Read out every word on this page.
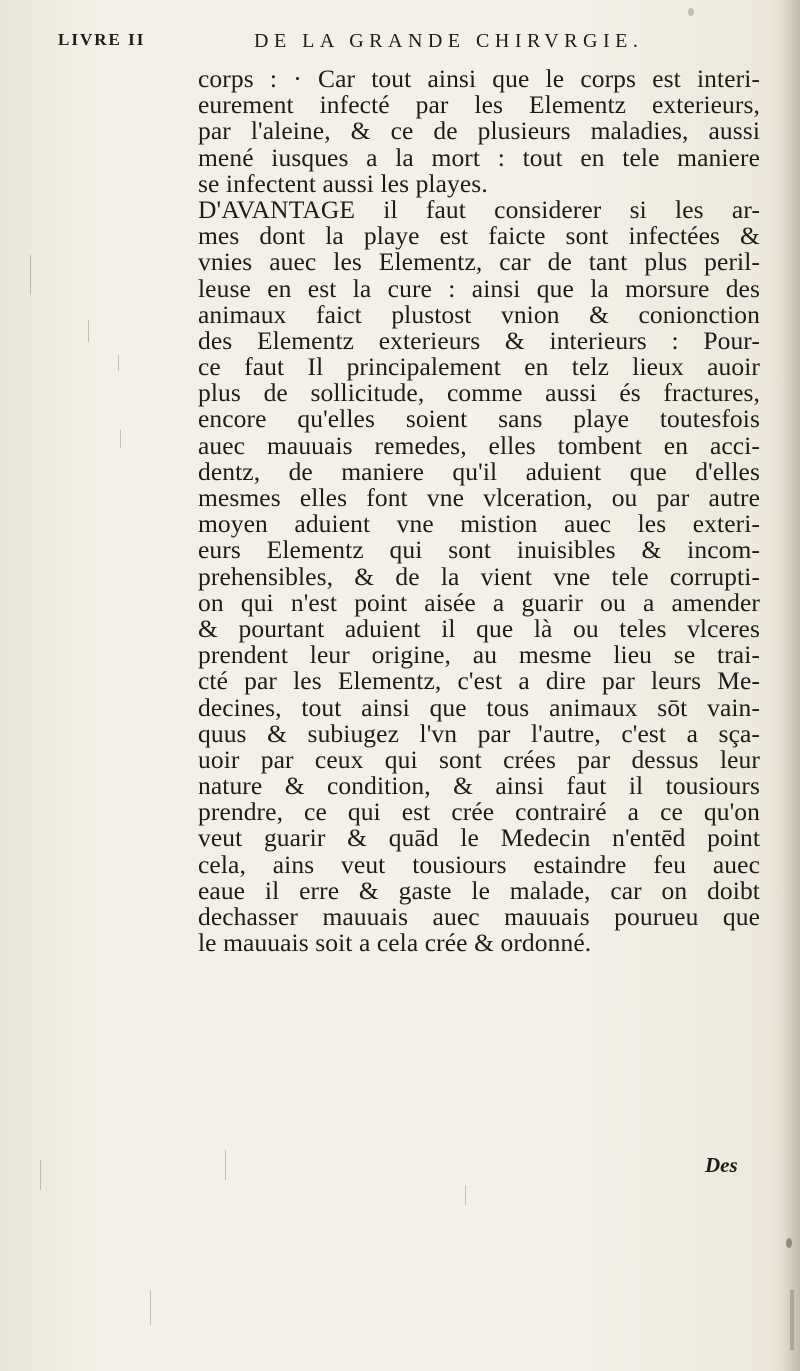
LIVRE II	DE LA GRANDE CHIRVRGIE.
corps : · Car tout ainsi que le corps est interi-
eurement infecté par les Elementz exterieurs,
par l'aleine, & ce de plusieurs maladies, aussi
mené iusques a la mort : tout en tele maniere
se infectent aussi les playes.
D'AVANTAGE il faut considerer si les ar-
mes dont la playe est faicte sont infectées &
vnies auec les Elementz, car de tant plus peril-
leuse en est la cure : ainsi que la morsure des
animaux faict plustost vnion & conionction
des Elementz exterieurs & interieurs : Pour-
ce faut Il principalement en telz lieux auoir
plus de sollicitude, comme aussi és fractures,
encore qu'elles soient sans playe toutesfois
auec mauuais remedes, elles tombent en acci-
dentz, de maniere qu'il aduient que d'elles
mesmes elles font vne vlceration, ou par autre
moyen aduient vne mistion auec les exteri-
eurs Elementz qui sont inuisibles & incom-
prehensibles, & de la vient vne tele corrupti-
on qui n'est point aisée a guarir ou a amender
& pourtant aduient il que là ou teles vlceres
prendent leur origine, au mesme lieu se trai-
cté par les Elementz, c'est a dire par leurs Me-
decines, tout ainsi que tous animaux sōt vain-
quus & subiugez l'vn par l'autre, c'est a sça-
uoir par ceux qui sont crées par dessus leur
nature & condition, & ainsi faut il tousiours
prendre, ce qui est crée contrairé a ce qu'on
veut guarir & quād le Medecin n'entēd point
cela, ains veut tousiours estaindre feu auec
eaue il erre & gaste le malade, car on doibt
dechasser mauuais auec mauuais pourueu que
le mauuais soit a cela crée & ordonné.
Des
